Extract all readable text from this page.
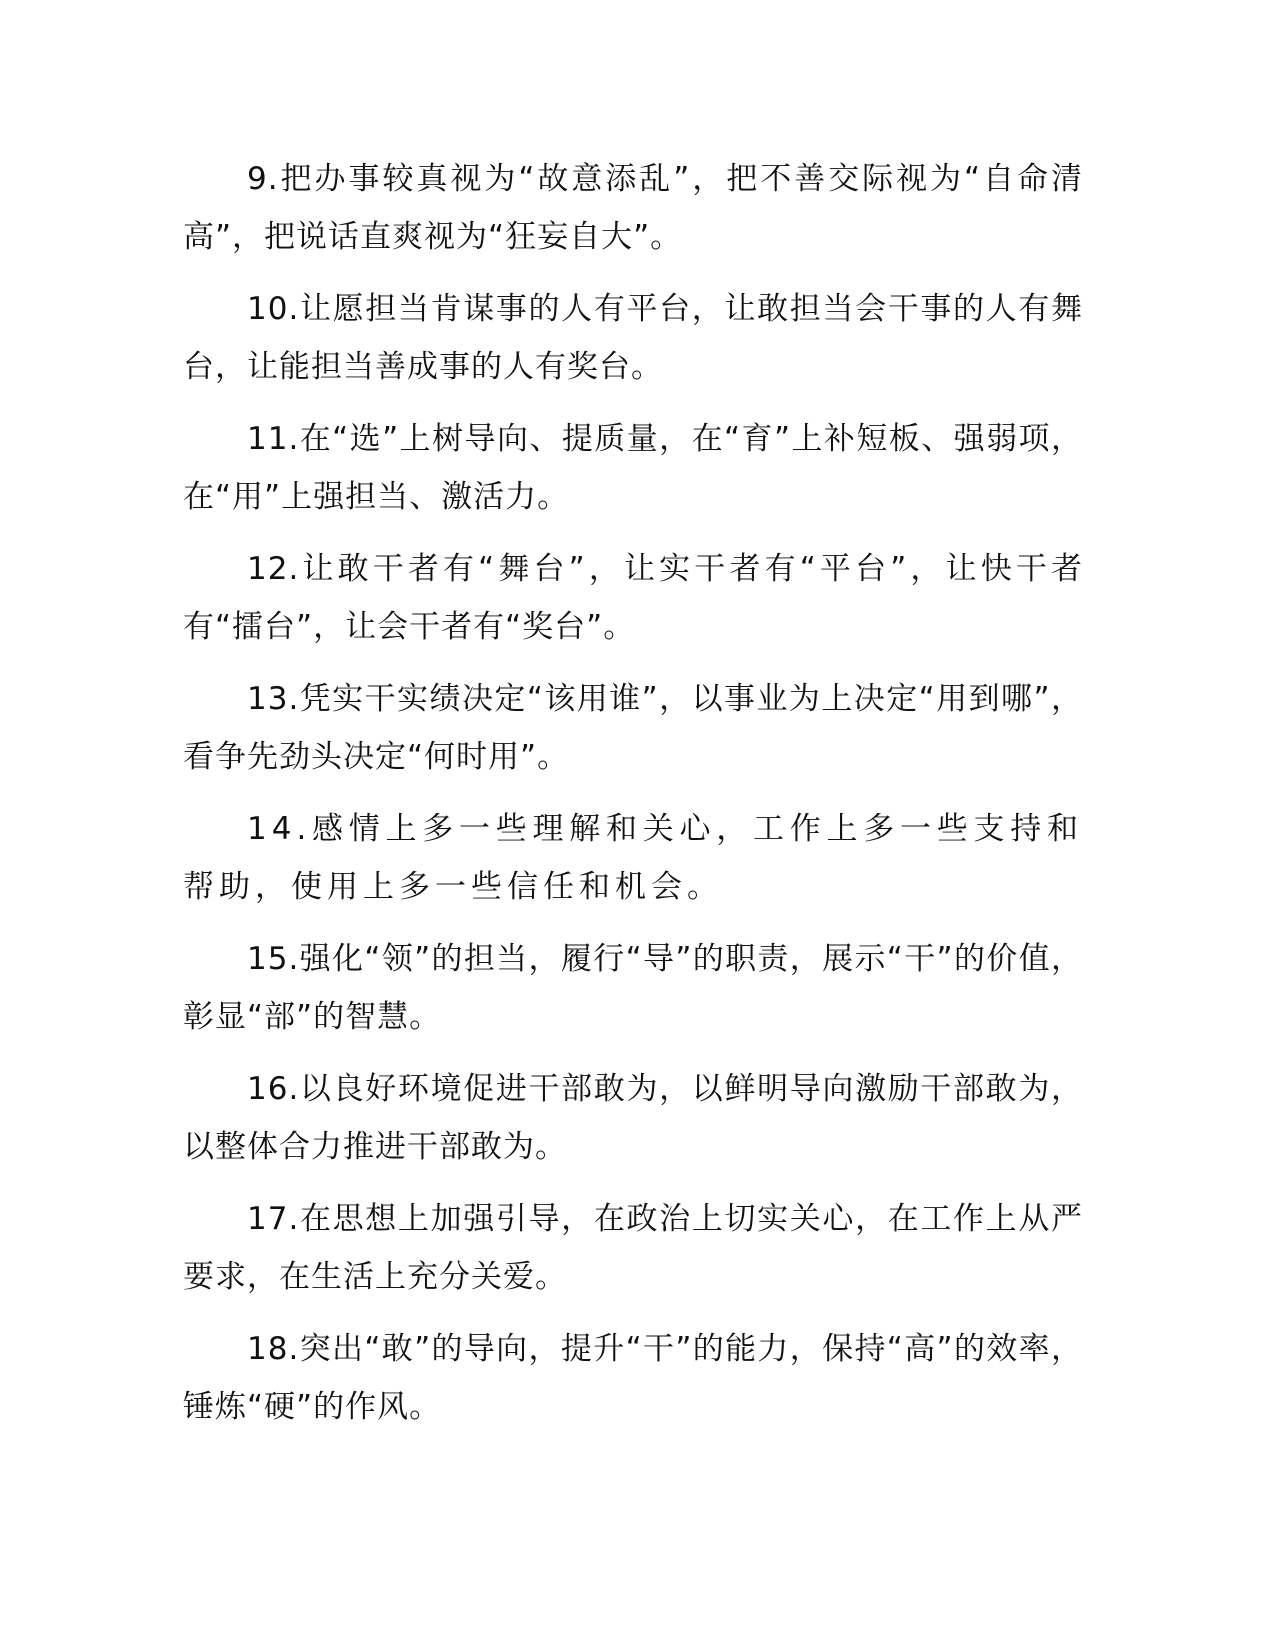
9.把办事较真视为“故意添乱”，把不善交际视为“自命清高”，把说话直爽视为“狂妄自大”。

10.让愿担当肯谋事的人有平台，让敢担当会干事的人有舞台，让能担当善成事的人有奖台。

11.在“选”上树导向、提质量，在“育”上补短板、强弱项，在“用”上强担当、激活力。

12.让敢干者有“舞台”，让实干者有“平台”，让快干者有“擂台”，让会干者有“奖台”。

13.凭实干实绩决定“该用谁”，以事业为上决定“用到哪”，看争先劲头决定“何时用”。

14.感情上多一些理解和关心，工作上多一些支持和帮助，使用上多一些信任和机会。

15.强化“领”的担当，履行“导”的职责，展示“干”的价值，彰显“部”的智慧。

16.以良好环境促进干部敢为，以鲜明导向激励干部敢为，以整体合力推进干部敢为。

17.在思想上加强引导，在政治上切实关心，在工作上从严要求，在生活上充分关爱。

18.突出“敢”的导向，提升“干”的能力，保持“高”的效率，锤炼“硬”的作风。
